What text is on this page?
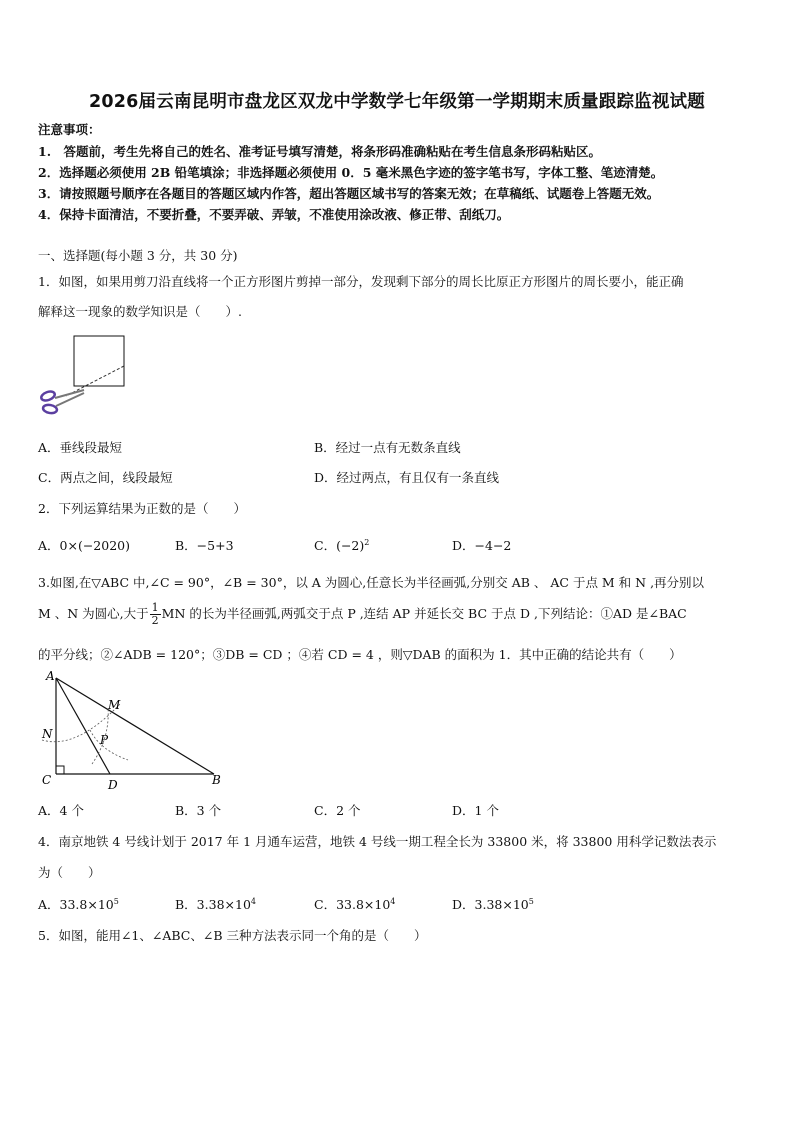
2026届云南昆明市盘龙区双龙中学数学七年级第一学期期末质量跟踪监视试题
注意事项：
1.　答题前，考生先将自己的姓名、准考证号填写清楚，将条形码准确粘贴在考生信息条形码粘贴区。
2．选择题必须使用 2B 铅笔填涂；非选择题必须使用 0．5 毫米黑色字迹的签字笔书写，字体工整、笔迹清楚。
3．请按照题号顺序在各题目的答题区域内作答，超出答题区域书写的答案无效；在草稿纸、试题卷上答题无效。
4．保持卡面清洁，不要折叠，不要弄破、弄皱，不准使用涂改液、修正带、刮纸刀。
一、选择题(每小题 3 分，共 30 分)
1．如图，如果用剪刀沿直线将一个正方形图片剪掉一部分，发现剩下部分的周长比原正方形图片的周长要小，能正确
解释这一现象的数学知识是（　　）.
A．垂线段最短	B．经过一点有无数条直线
C．两点之间，线段最短	D．经过两点，有且仅有一条直线
2．下列运算结果为正数的是（　　）
A．0×(−2020)	B．−5+3	C．$(-2)^2$	D．−4−2
3.如图,在▽ABC 中,∠C = 90°，∠B = 30°，以 A 为圆心,任意长为半径画弧,分别交 AB 、 AC 于点 M 和 N ,再分别以
M 、N 为圆心,大于 $\frac{1}{2}$ MN 的长为半径画弧,两弧交于点 P ,连结 AP 并延长交 BC 于点 D ,下列结论：①AD 是∠BAC
的平分线；②∠ADB = 120°；③DB = CD ；④若 CD = 4 ，则▽DAB 的面积为 1．其中正确的结论共有（　　）
A
M
N	P
C	D	B
A．4 个	B．3 个	C．2 个	D．1 个
4．南京地铁 4 号线计划于 2017 年 1 月通车运营，地铁 4 号线一期工程全长为 33800 米，将 33800 用科学记数法表示
为（　　）
A．$33.8\times 10^5$	B．$3.38\times 10^4$	C．$33.8\times 10^4$	D．$3.38\times 10^5$
5．如图，能用∠1、∠ABC、∠B 三种方法表示同一个角的是（　　）
